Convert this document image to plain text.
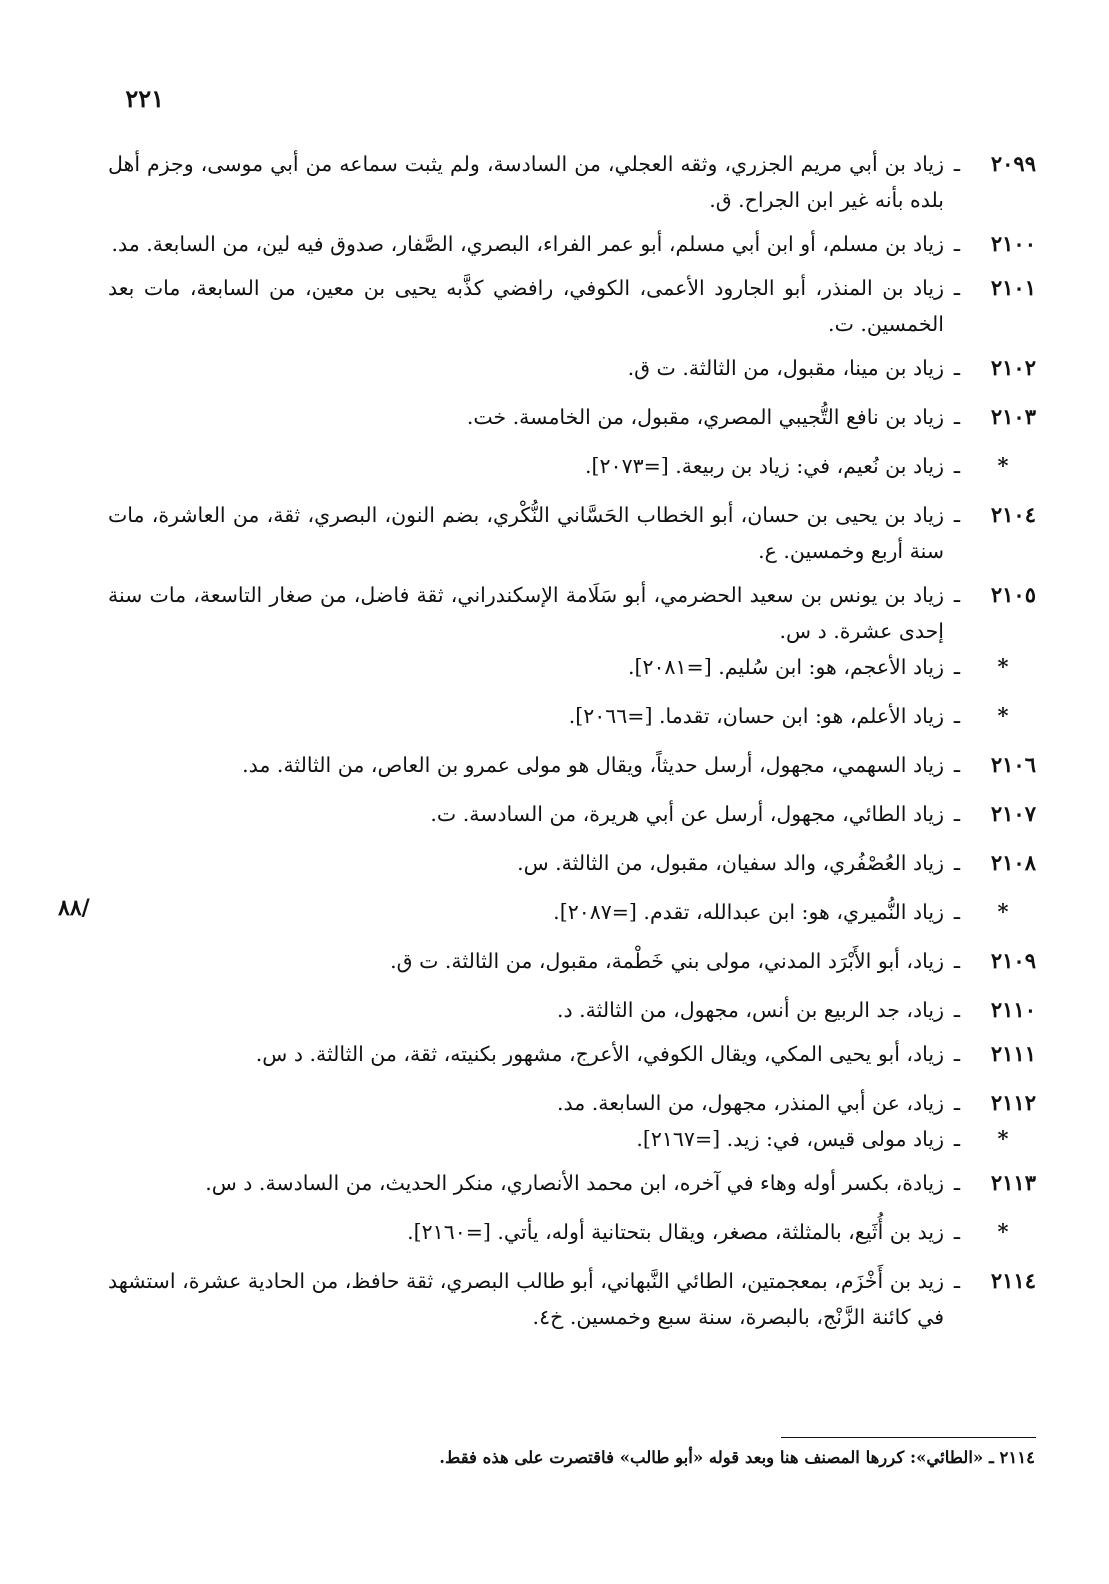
٢٢١
/٨٨
٢٠٩٩
ـ
زياد بن أبي مريم الجزري، وثقه العجلي، من السادسة، ولم يثبت سماعه من أبي موسى، وجزم أهل بلده بأنه غير ابن الجراح. ق.
٢١٠٠
ـ
زياد بن مسلم، أو ابن أبي مسلم، أبو عمر الفراء، البصري، الصَّفار، صدوق فيه لين، من السابعة. مد.
٢١٠١
ـ
زياد بن المنذر، أبو الجارود الأعمى، الكوفي، رافضي كذَّبه يحيى بن معين، من السابعة، مات بعد الخمسين. ت.
٢١٠٢
ـ
زياد بن مينا، مقبول، من الثالثة. ت ق.
٢١٠٣
ـ
زياد بن نافع التُّجيبي المصري، مقبول، من الخامسة. خت.
*
ـ
زياد بن نُعيم، في: زياد بن ربيعة. [=٢٠٧٣].
٢١٠٤
ـ
زياد بن يحيى بن حسان، أبو الخطاب الحَسَّاني النُّكْري، بضم النون، البصري، ثقة، من العاشرة، مات سنة أربع وخمسين. ع.
٢١٠٥
ـ
زياد بن يونس بن سعيد الحضرمي، أبو سَلَامة الإسكندراني، ثقة فاضل، من صغار التاسعة، مات سنة إحدى عشرة. د س.
*
ـ
زياد الأعجم، هو: ابن سُليم. [=٢٠٨١].
*
ـ
زياد الأعلم، هو: ابن حسان، تقدما. [=٢٠٦٦].
٢١٠٦
ـ
زياد السهمي، مجهول، أرسل حديثاً، ويقال هو مولى عمرو بن العاص، من الثالثة. مد.
٢١٠٧
ـ
زياد الطائي، مجهول، أرسل عن أبي هريرة، من السادسة. ت.
٢١٠٨
ـ
زياد العُصْفُري، والد سفيان، مقبول، من الثالثة. س.
*
ـ
زياد النُّميري، هو: ابن عبدالله، تقدم. [=٢٠٨٧].
٢١٠٩
ـ
زياد، أبو الأَبْرَد المدني، مولى بني خَطْمة، مقبول، من الثالثة. ت ق.
٢١١٠
ـ
زياد، جد الربيع بن أنس، مجهول، من الثالثة. د.
٢١١١
ـ
زياد، أبو يحيى المكي، ويقال الكوفي، الأعرج، مشهور بكنيته، ثقة، من الثالثة. د س.
٢١١٢
ـ
زياد، عن أبي المنذر، مجهول، من السابعة. مد.
*
ـ
زياد مولى قيس، في: زيد. [=٢١٦٧].
٢١١٣
ـ
زيادة، بكسر أوله وهاء في آخره، ابن محمد الأنصاري، منكر الحديث، من السادسة. د س.
*
ـ
زيد بن أُثَيع، بالمثلثة، مصغر، ويقال بتحتانية أوله، يأتي. [=٢١٦٠].
٢١١٤
ـ
زيد بن أَخْزَم، بمعجمتين، الطائي النَّبهاني، أبو طالب البصري، ثقة حافظ، من الحادية عشرة، استشهد في كائنة الزَّنْج، بالبصرة، سنة سبع وخمسين. خ٤.
٢١١٤ ـ «الطائي»: كررها المصنف هنا وبعد قوله «أبو طالب» فاقتصرت على هذه فقط.
